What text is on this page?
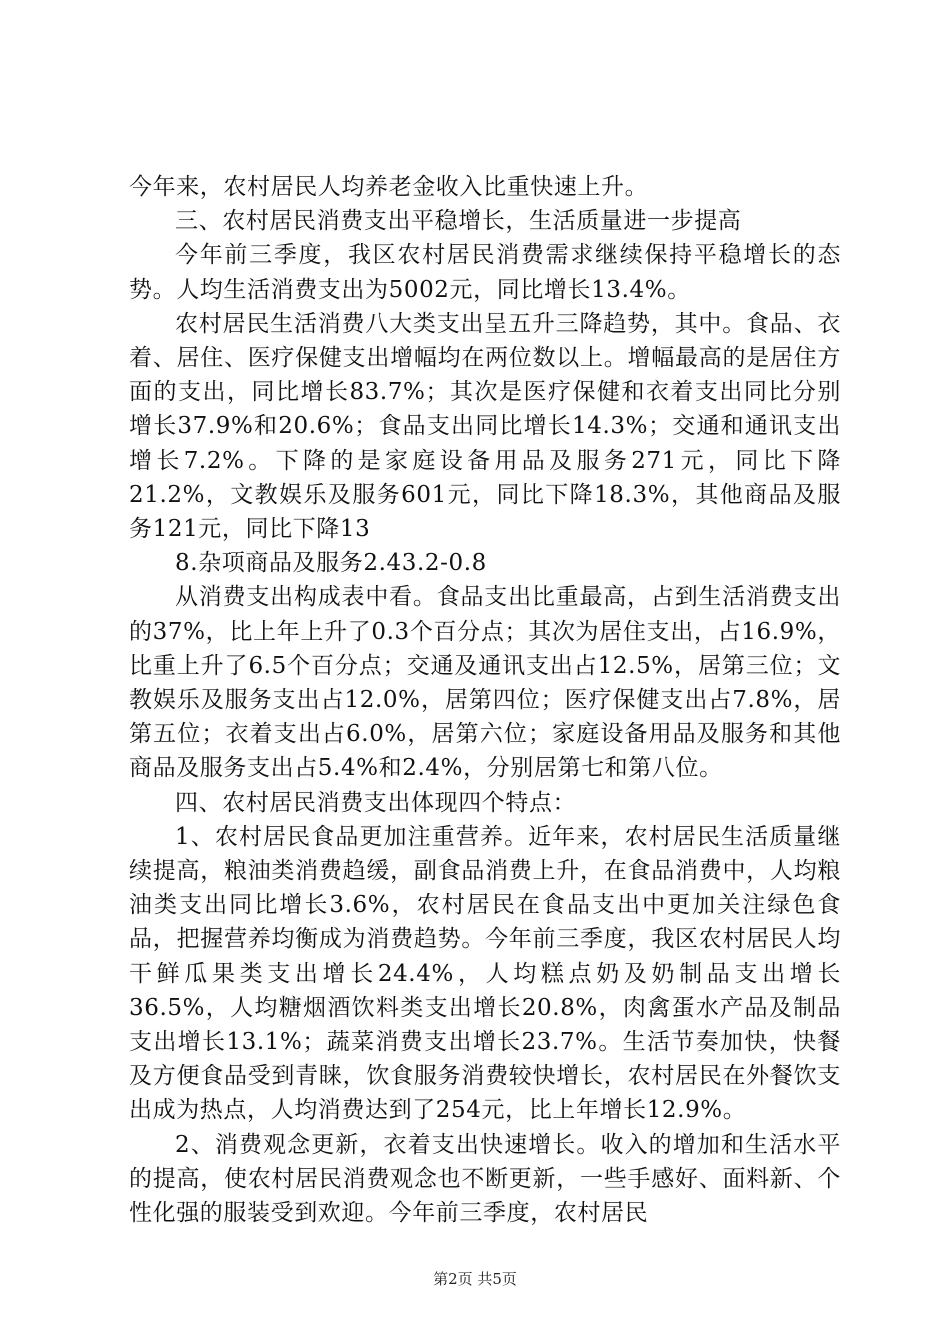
今年来，农村居民人均养老金收入比重快速上升。

三、农村居民消费支出平稳增长，生活质量进一步提高

今年前三季度，我区农村居民消费需求继续保持平稳增长的态势。人均生活消费支出为5002元，同比增长13.4%。

农村居民生活消费八大类支出呈五升三降趋势，其中。食品、衣着、居住、医疗保健支出增幅均在两位数以上。增幅最高的是居住方面的支出，同比增长83.7%；其次是医疗保健和衣着支出同比分别增长37.9%和20.6%；食品支出同比增长14.3%；交通和通讯支出增长7.2%。下降的是家庭设备用品及服务271元，同比下降21.2%，文教娱乐及服务601元，同比下降18.3%，其他商品及服务121元，同比下降13

8.杂项商品及服务2.43.2-0.8

从消费支出构成表中看。食品支出比重最高，占到生活消费支出的37%，比上年上升了0.3个百分点；其次为居住支出，占16.9%，比重上升了6.5个百分点；交通及通讯支出占12.5%，居第三位；文教娱乐及服务支出占12.0%，居第四位；医疗保健支出占7.8%，居第五位；衣着支出占6.0%，居第六位；家庭设备用品及服务和其他商品及服务支出占5.4%和2.4%，分别居第七和第八位。

四、农村居民消费支出体现四个特点：

1、农村居民食品更加注重营养。近年来，农村居民生活质量继续提高，粮油类消费趋缓，副食品消费上升，在食品消费中，人均粮油类支出同比增长3.6%，农村居民在食品支出中更加关注绿色食品，把握营养均衡成为消费趋势。今年前三季度，我区农村居民人均干鲜瓜果类支出增长24.4%，人均糕点奶及奶制品支出增长36.5%，人均糖烟酒饮料类支出增长20.8%，肉禽蛋水产品及制品支出增长13.1%；蔬菜消费支出增长23.7%。生活节奏加快，快餐及方便食品受到青睐，饮食服务消费较快增长，农村居民在外餐饮支出成为热点，人均消费达到了254元，比上年增长12.9%。

2、消费观念更新，衣着支出快速增长。收入的增加和生活水平的提高，使农村居民消费观念也不断更新，一些手感好、面料新、个性化强的服装受到欢迎。今年前三季度，农村居民

第2页 共5页
